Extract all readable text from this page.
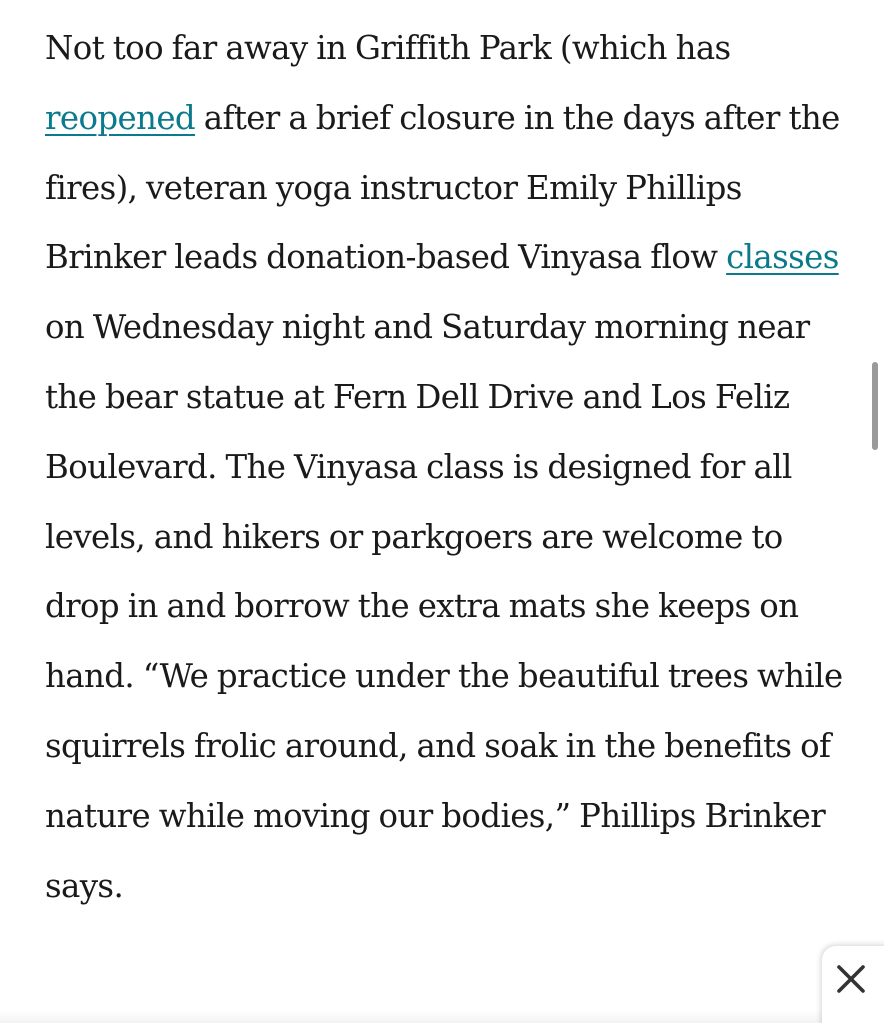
Not too far away in Griffith Park (which has reopened after a brief closure in the days after the fires), veteran yoga instructor Emily Phillips Brinker leads donation-based Vinyasa flow classes on Wednesday night and Saturday morning near the bear statue at Fern Dell Drive and Los Feliz Boulevard. The Vinyasa class is designed for all levels, and hikers or parkgoers are welcome to drop in and borrow the extra mats she keeps on hand. “We practice under the beautiful trees while squirrels frolic around, and soak in the benefits of nature while moving our bodies,” Phillips Brinker says.
